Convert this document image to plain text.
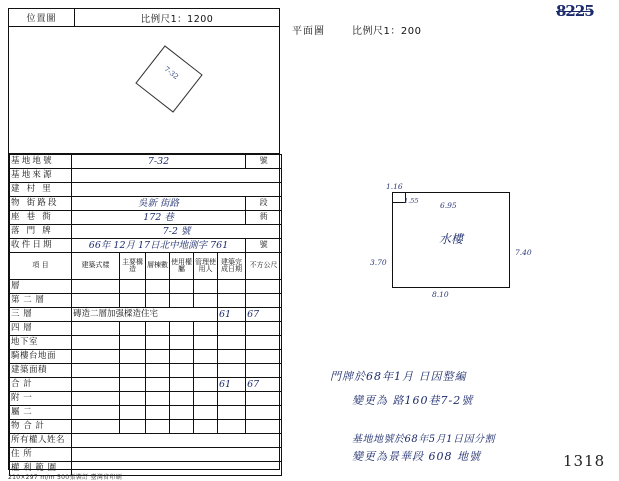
位置圖	比例尺1：1200
7-32
基地地號	7-32						號
基地來源							
建 村 里							
物 街路段	吳新 街路						段
座 巷 衖	172 巷						衖
落 門 牌	7-2 號						
收件日期	66年 12月 17日北中地測字 761						號
項 目	建築式樣	主要構造	層棟數	使用權屬	管理使用人	建築完成日期	不方公尺
層							
第 二 層							
三 層	磚造二層加强樑造住宅					61	67
四 層							
地下室							
騎樓台地面							
建築面積							
合 計						61	67
附 一							
屬 二							
物 合 計							
所有權人姓名							
住 所							
權 利 範 圍							
210×297 m/m 500張裝訂 臺灣省印刷
平面圖	比例尺1：200
水樓
1.16
1.55	6.95
3.70
7.40
8.10
門牌於68年1月 日因整編
變更為 路160巷7-2號
基地地號於68年5月1日因分割
變更為景華段 608 地號
8225
1318
